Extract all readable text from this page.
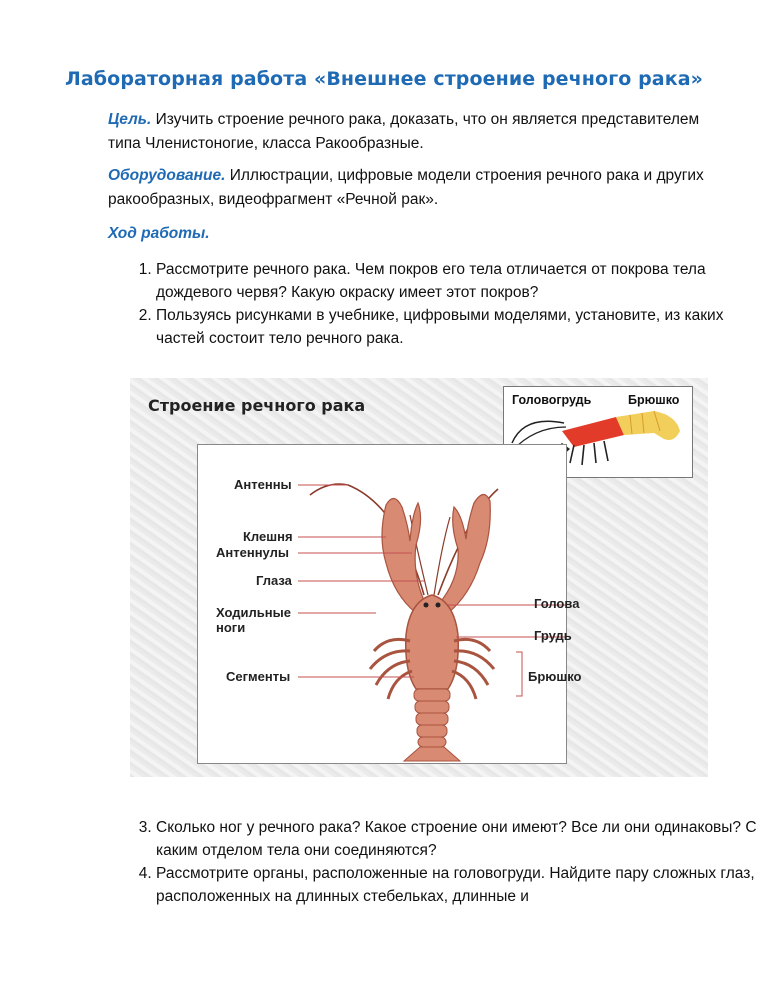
Лабораторная работа «Внешнее строение речного рака»
Цель. Изучить строение речного рака, доказать, что он является представителем типа Членистоногие, класса Ракообразные.
Оборудование. Иллюстрации, цифровые модели строения речного рака и других ракообразных, видеофрагмент «Речной рак».
Ход работы.
1. Рассмотрите речного рака. Чем покров его тела отличается от покрова тела дождевого червя? Какую окраску имеет этот покров?
2. Пользуясь рисунками в учебнике, цифровыми моделями, установите, из каких частей состоит тело речного рака.
Строение речного рака	Головогрудь	Брюшко
Антенны
Клешня
Антеннулы
Глаза
Ходильные ноги
Сегменты
Голова
Грудь
Брюшко
Глаза
3. Сколько ног у речного рака? Какое строение они имеют? Все ли они одинаковы? С каким отделом тела они соединяются?
4. Рассмотрите органы, расположенные на головогруди. Найдите пару сложных глаз, расположенных на длинных стебельках, длинные и
